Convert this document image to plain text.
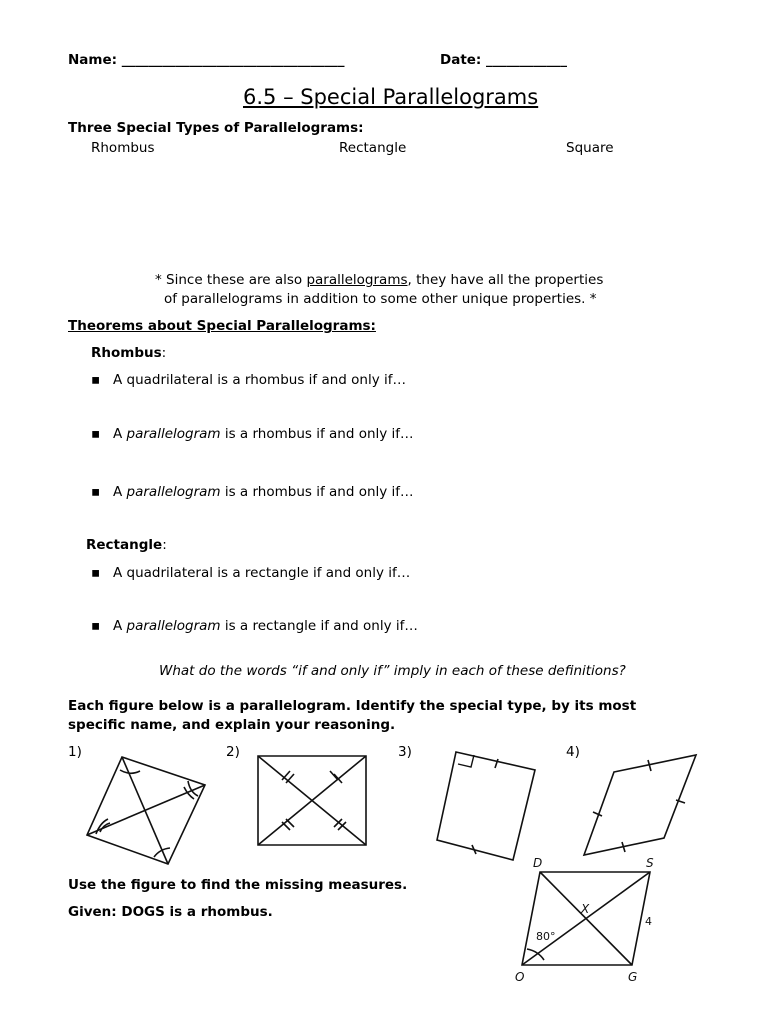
Name: _________________________________	Date: ____________
6.5 – Special Parallelograms
Three Special Types of Parallelograms:
Rhombus	Rectangle	Square
* Since these are also parallelograms, they have all the properties
of parallelograms in addition to some other unique properties. *
Theorems about Special Parallelograms:
Rhombus:
▪ A quadrilateral is a rhombus if and only if…
▪ A parallelogram is a rhombus if and only if…
▪ A parallelogram is a rhombus if and only if…
Rectangle:
▪ A quadrilateral is a rectangle if and only if…
▪ A parallelogram is a rectangle if and only if…
What do the words “if and only if” imply in each of these definitions?
Each figure below is a parallelogram. Identify the special type, by its most
specific name, and explain your reasoning.
1)	2)	3)	4)
Use the figure to find the missing measures.
Given: DOGS is a rhombus.
D	S
O	G
X
80°
4
